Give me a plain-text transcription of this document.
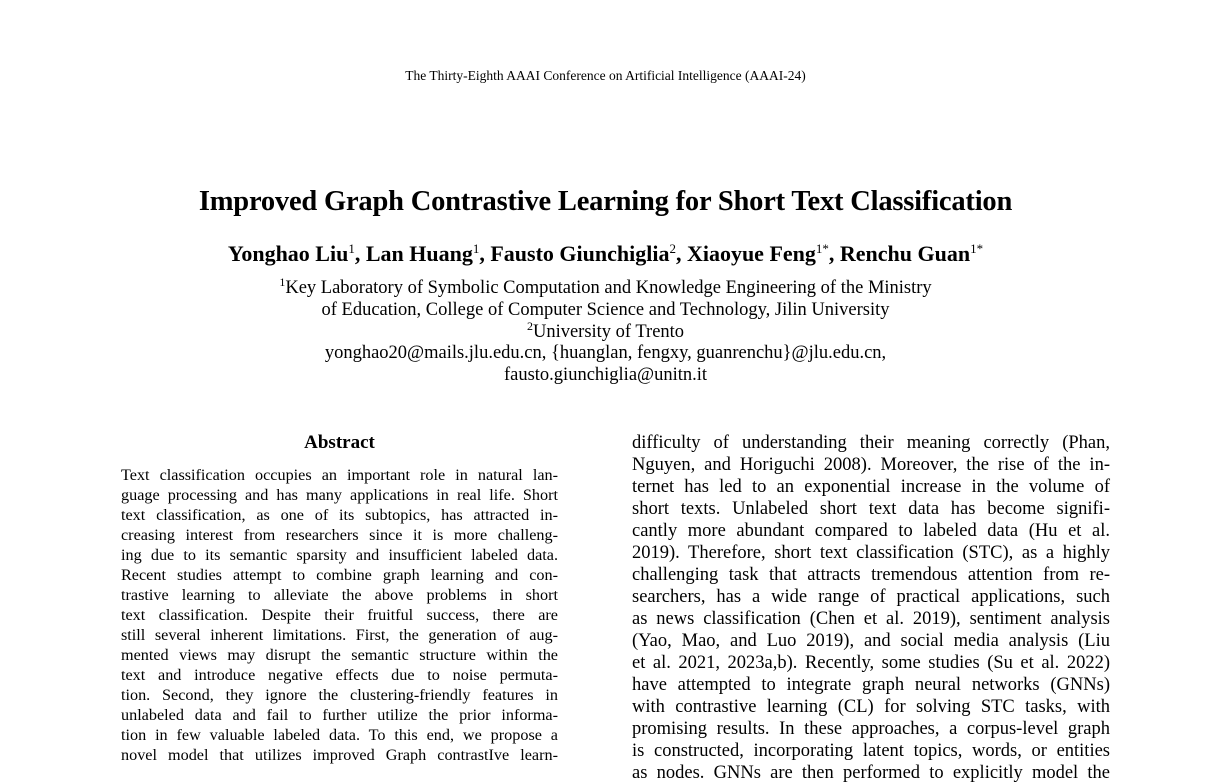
The Thirty-Eighth AAAI Conference on Artificial Intelligence (AAAI-24)
Improved Graph Contrastive Learning for Short Text Classification
Yonghao Liu$^1$, Lan Huang$^1$, Fausto Giunchiglia$^2$, Xiaoyue Feng$^{1*}$, Renchu Guan$^{1*}$
$^1$Key Laboratory of Symbolic Computation and Knowledge Engineering of the Ministry
of Education, College of Computer Science and Technology, Jilin University
$^2$University of Trento
yonghao20@mails.jlu.edu.cn, {huanglan, fengxy, guanrenchu}@jlu.edu.cn,
fausto.giunchiglia@unitn.it
Abstract

Text classification occupies an important role in natural lan-

guage processing and has many applications in real life. Short

text classification, as one of its subtopics, has attracted in-

creasing interest from researchers since it is more challeng-

ing due to its semantic sparsity and insufficient labeled data.

Recent studies attempt to combine graph learning and con-

trastive learning to alleviate the above problems in short

text classification. Despite their fruitful success, there are

still several inherent limitations. First, the generation of aug-

mented views may disrupt the semantic structure within the

text and introduce negative effects due to noise permuta-

tion. Second, they ignore the clustering-friendly features in

unlabeled data and fail to further utilize the prior informa-

tion in few valuable labeled data. To this end, we propose a

novel model that utilizes improved Graph contrastIve learn-

difficulty of understanding their meaning correctly (Phan,

Nguyen, and Horiguchi 2008). Moreover, the rise of the in-

ternet has led to an exponential increase in the volume of

short texts. Unlabeled short text data has become signifi-

cantly more abundant compared to labeled data (Hu et al.

2019). Therefore, short text classification (STC), as a highly

challenging task that attracts tremendous attention from re-

searchers, has a wide range of practical applications, such

as news classification (Chen et al. 2019), sentiment analysis

(Yao, Mao, and Luo 2019), and social media analysis (Liu

et al. 2021, 2023a,b). Recently, some studies (Su et al. 2022)

have attempted to integrate graph neural networks (GNNs)

with contrastive learning (CL) for solving STC tasks, with

promising results. In these approaches, a corpus-level graph

is constructed, incorporating latent topics, words, or entities

as nodes. GNNs are then performed to explicitly model the
